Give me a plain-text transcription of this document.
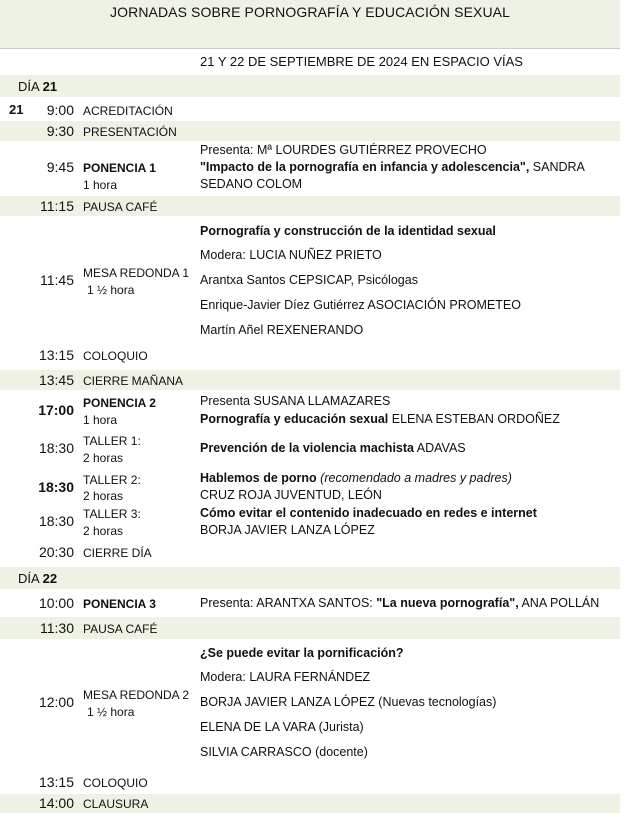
JORNADAS SOBRE PORNOGRAFÍA Y EDUCACIÓN SEXUAL
21 Y 22 DE SEPTIEMBRE DE 2024 EN ESPACIO VÍAS
DÍA 21
21	9:00 ACREDITACIÓN
9:30 PRESENTACIÓN
9:45 PONENCIA 1
1 hora
Presenta: Mª LOURDES GUTIÉRREZ PROVECHO
"Impacto de la pornografía en infancia y adolescencia", SANDRA
SEDANO COLOM
11:15 PAUSA CAFÉ
Pornografía y construcción de la identidad sexual
Modera: LUCIA NUÑEZ PRIETO
11:45 MESA REDONDA 1
1 ½ hora
Arantxa Santos CEPSICAP, Psicólogas
Enrique-Javier Díez Gutiérrez ASOCIACIÓN PROMETEO
Martín Añel REXENERANDO
13:15 COLOQUIO
13:45 CIERRE MAÑANA
17:00 PONENCIA 2
1 hora
Presenta SUSANA LLAMAZARES
Pornografía y educación sexual ELENA ESTEBAN ORDOÑEZ
18:30 TALLER 1:
2 horas
Prevención de la violencia machista ADAVAS
18:30 TALLER 2:
2 horas
Hablemos de porno (recomendado a madres y padres)
CRUZ ROJA JUVENTUD, LEÓN
18:30 TALLER 3:
2 horas
Cómo evitar el contenido inadecuado en redes e internet
BORJA JAVIER LANZA LÓPEZ
20:30 CIERRE DÍA
DÍA 22
10:00 PONENCIA 3	Presenta: ARANTXA SANTOS: "La nueva pornografía", ANA POLLÁN
11:30 PAUSA CAFÉ
¿Se puede evitar la pornificación?
Modera: LAURA FERNÁNDEZ
12:00 MESA REDONDA 2
1 ½ hora
BORJA JAVIER LANZA LÓPEZ (Nuevas tecnologías)
ELENA DE LA VARA (Jurista)
SILVIA CARRASCO (docente)
13:15 COLOQUIO
14:00 CLAUSURA
